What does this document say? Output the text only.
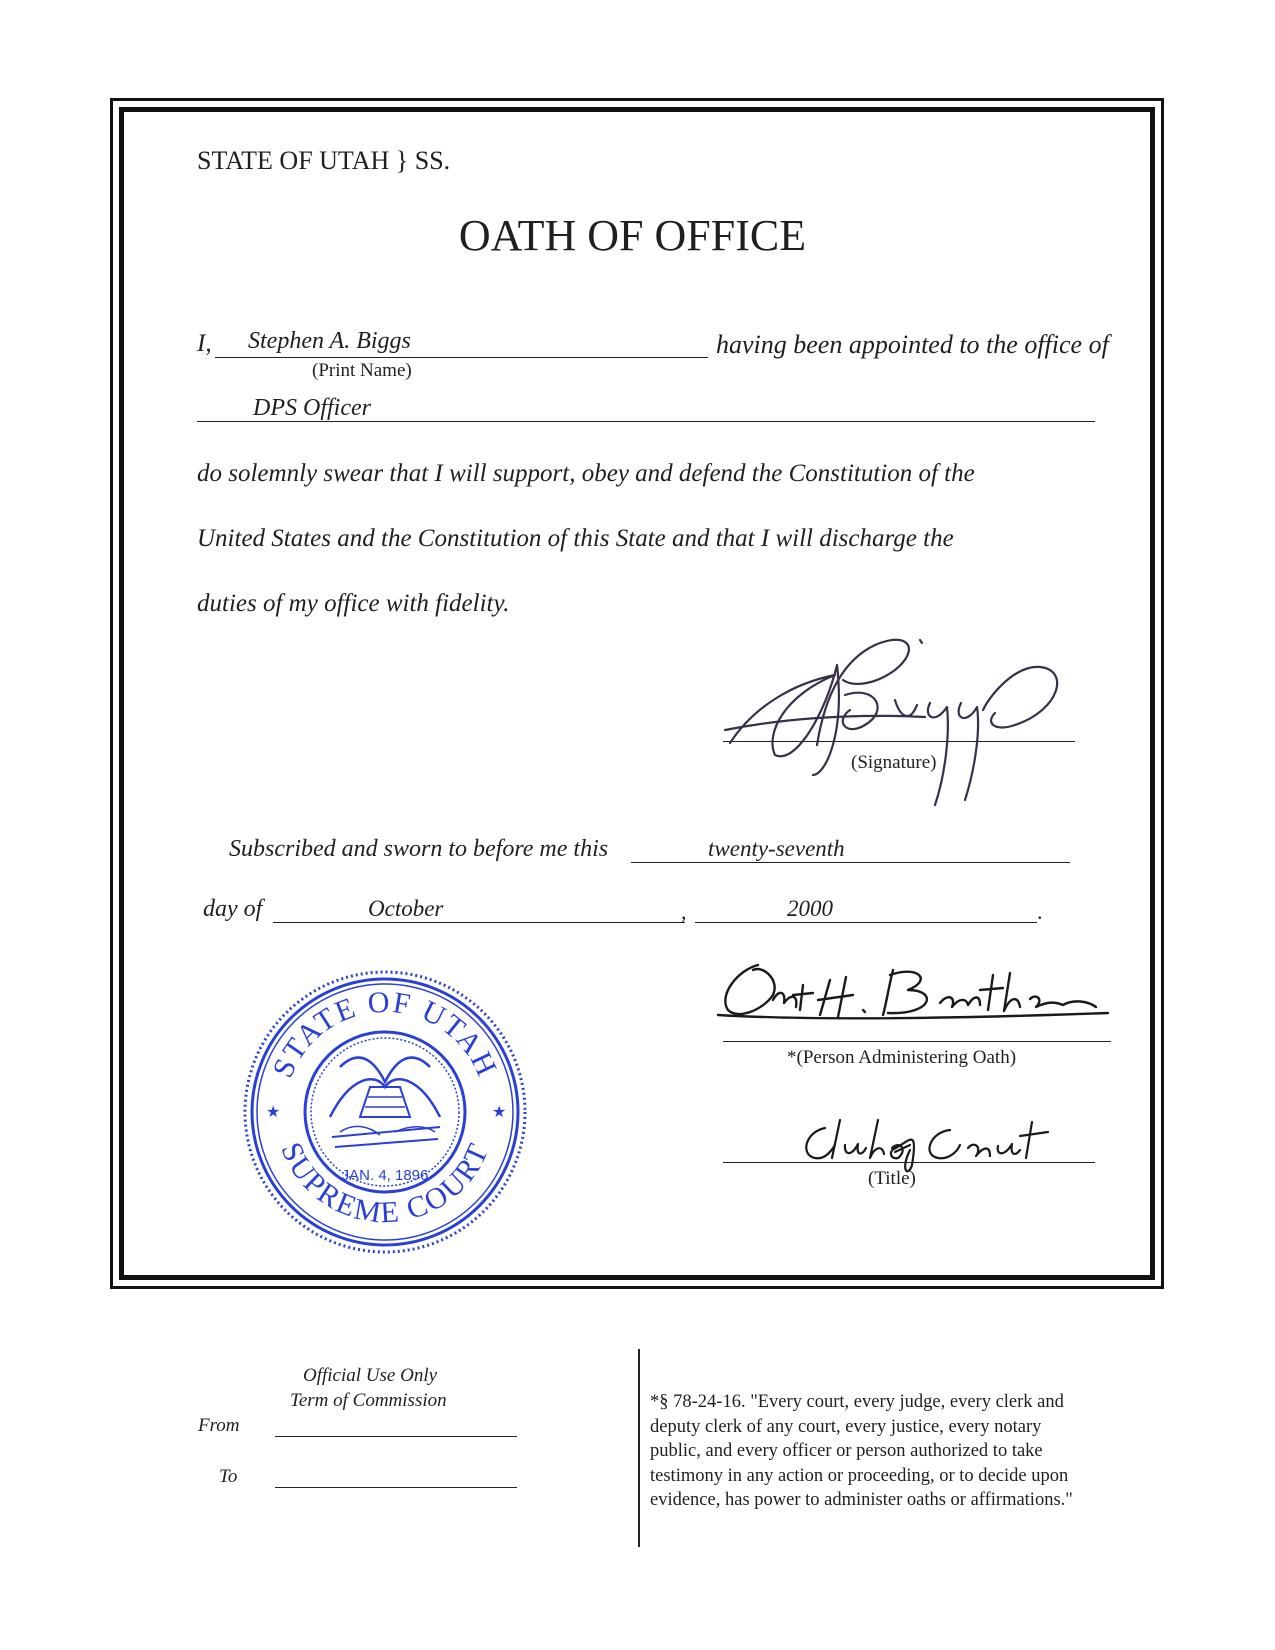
STATE OF UTAH } SS.
OATH OF OFFICE
I, Stephen A. Biggs	having been appointed to the office of
(Print Name)
DPS Officer
do solemnly swear that I will support, obey and defend the Constitution of the
United States and the Constitution of this State and that I will discharge the
duties of my office with fidelity.
(Signature)
Subscribed and sworn to before me this	twenty-seventh
day of	October	,	2000	.
STATE OF UTAH
SUPREME COURT
JAN. 4, 1896
★	★
*(Person Administering Oath)
(Title)
Official Use Only
Term of Commission
From
To
*§ 78-24-16. "Every court, every judge, every clerk and
deputy clerk of any court, every justice, every notary
public, and every officer or person authorized to take
testimony in any action or proceeding, or to decide upon
evidence, has power to administer oaths or affirmations."
